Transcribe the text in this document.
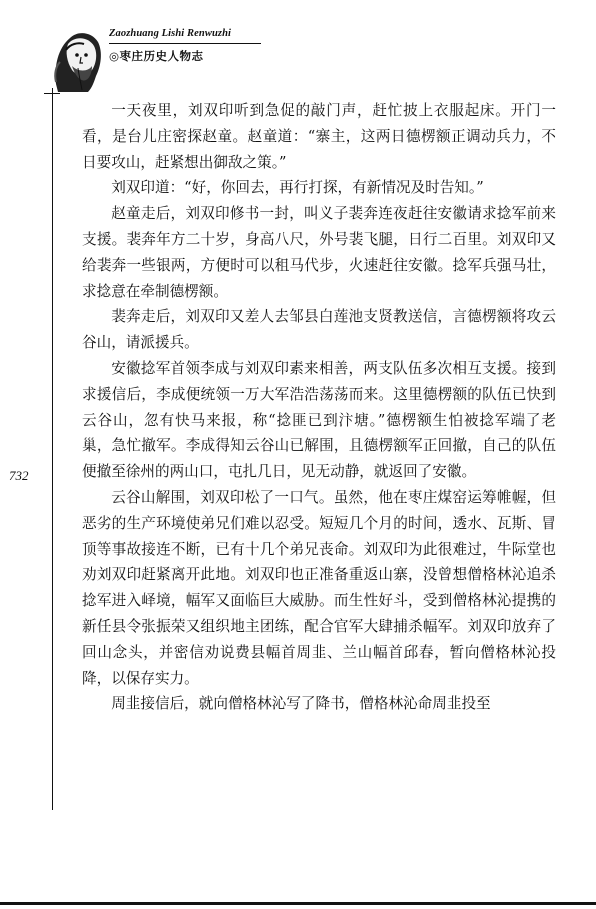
Zaozhuang Lishi Renwuzhi
◎枣庄历史人物志
732

一天夜里，刘双印听到急促的敲门声，赶忙披上衣服起床。开门一看，是台儿庄密探赵童。赵童道：“寨主，这两日德楞额正调动兵力，不日要攻山，赶紧想出御敌之策。”

刘双印道：“好，你回去，再行打探，有新情况及时告知。”

赵童走后，刘双印修书一封，叫义子裴奔连夜赶往安徽请求捻军前来支援。裴奔年方二十岁，身高八尺，外号裴飞腿，日行二百里。刘双印又给裴奔一些银两，方便时可以租马代步，火速赶往安徽。捻军兵强马壮，求捻意在牵制德楞额。

裴奔走后，刘双印又差人去邹县白莲池支贤教送信，言德楞额将攻云谷山，请派援兵。

安徽捻军首领李成与刘双印素来相善，两支队伍多次相互支援。接到求援信后，李成便统领一万大军浩浩荡荡而来。这里德楞额的队伍已快到云谷山，忽有快马来报，称“捻匪已到汴塘。”德楞额生怕被捻军端了老巢，急忙撤军。李成得知云谷山已解围，且德楞额军正回撤，自己的队伍便撤至徐州的两山口，屯扎几日，见无动静，就返回了安徽。

云谷山解围，刘双印松了一口气。虽然，他在枣庄煤窑运筹帷幄，但恶劣的生产环境使弟兄们难以忍受。短短几个月的时间，透水、瓦斯、冒顶等事故接连不断，已有十几个弟兄丧命。刘双印为此很难过，牛际堂也劝刘双印赶紧离开此地。刘双印也正准备重返山寨，没曾想僧格林沁追杀捻军进入峄境，幅军又面临巨大威胁。而生性好斗，受到僧格林沁提携的新任县令张振荣又组织地主团练，配合官军大肆捕杀幅军。刘双印放弃了回山念头，并密信劝说费县幅首周韭、兰山幅首邱春，暂向僧格林沁投降，以保存实力。

周韭接信后，就向僧格林沁写了降书，僧格林沁命周韭投至
